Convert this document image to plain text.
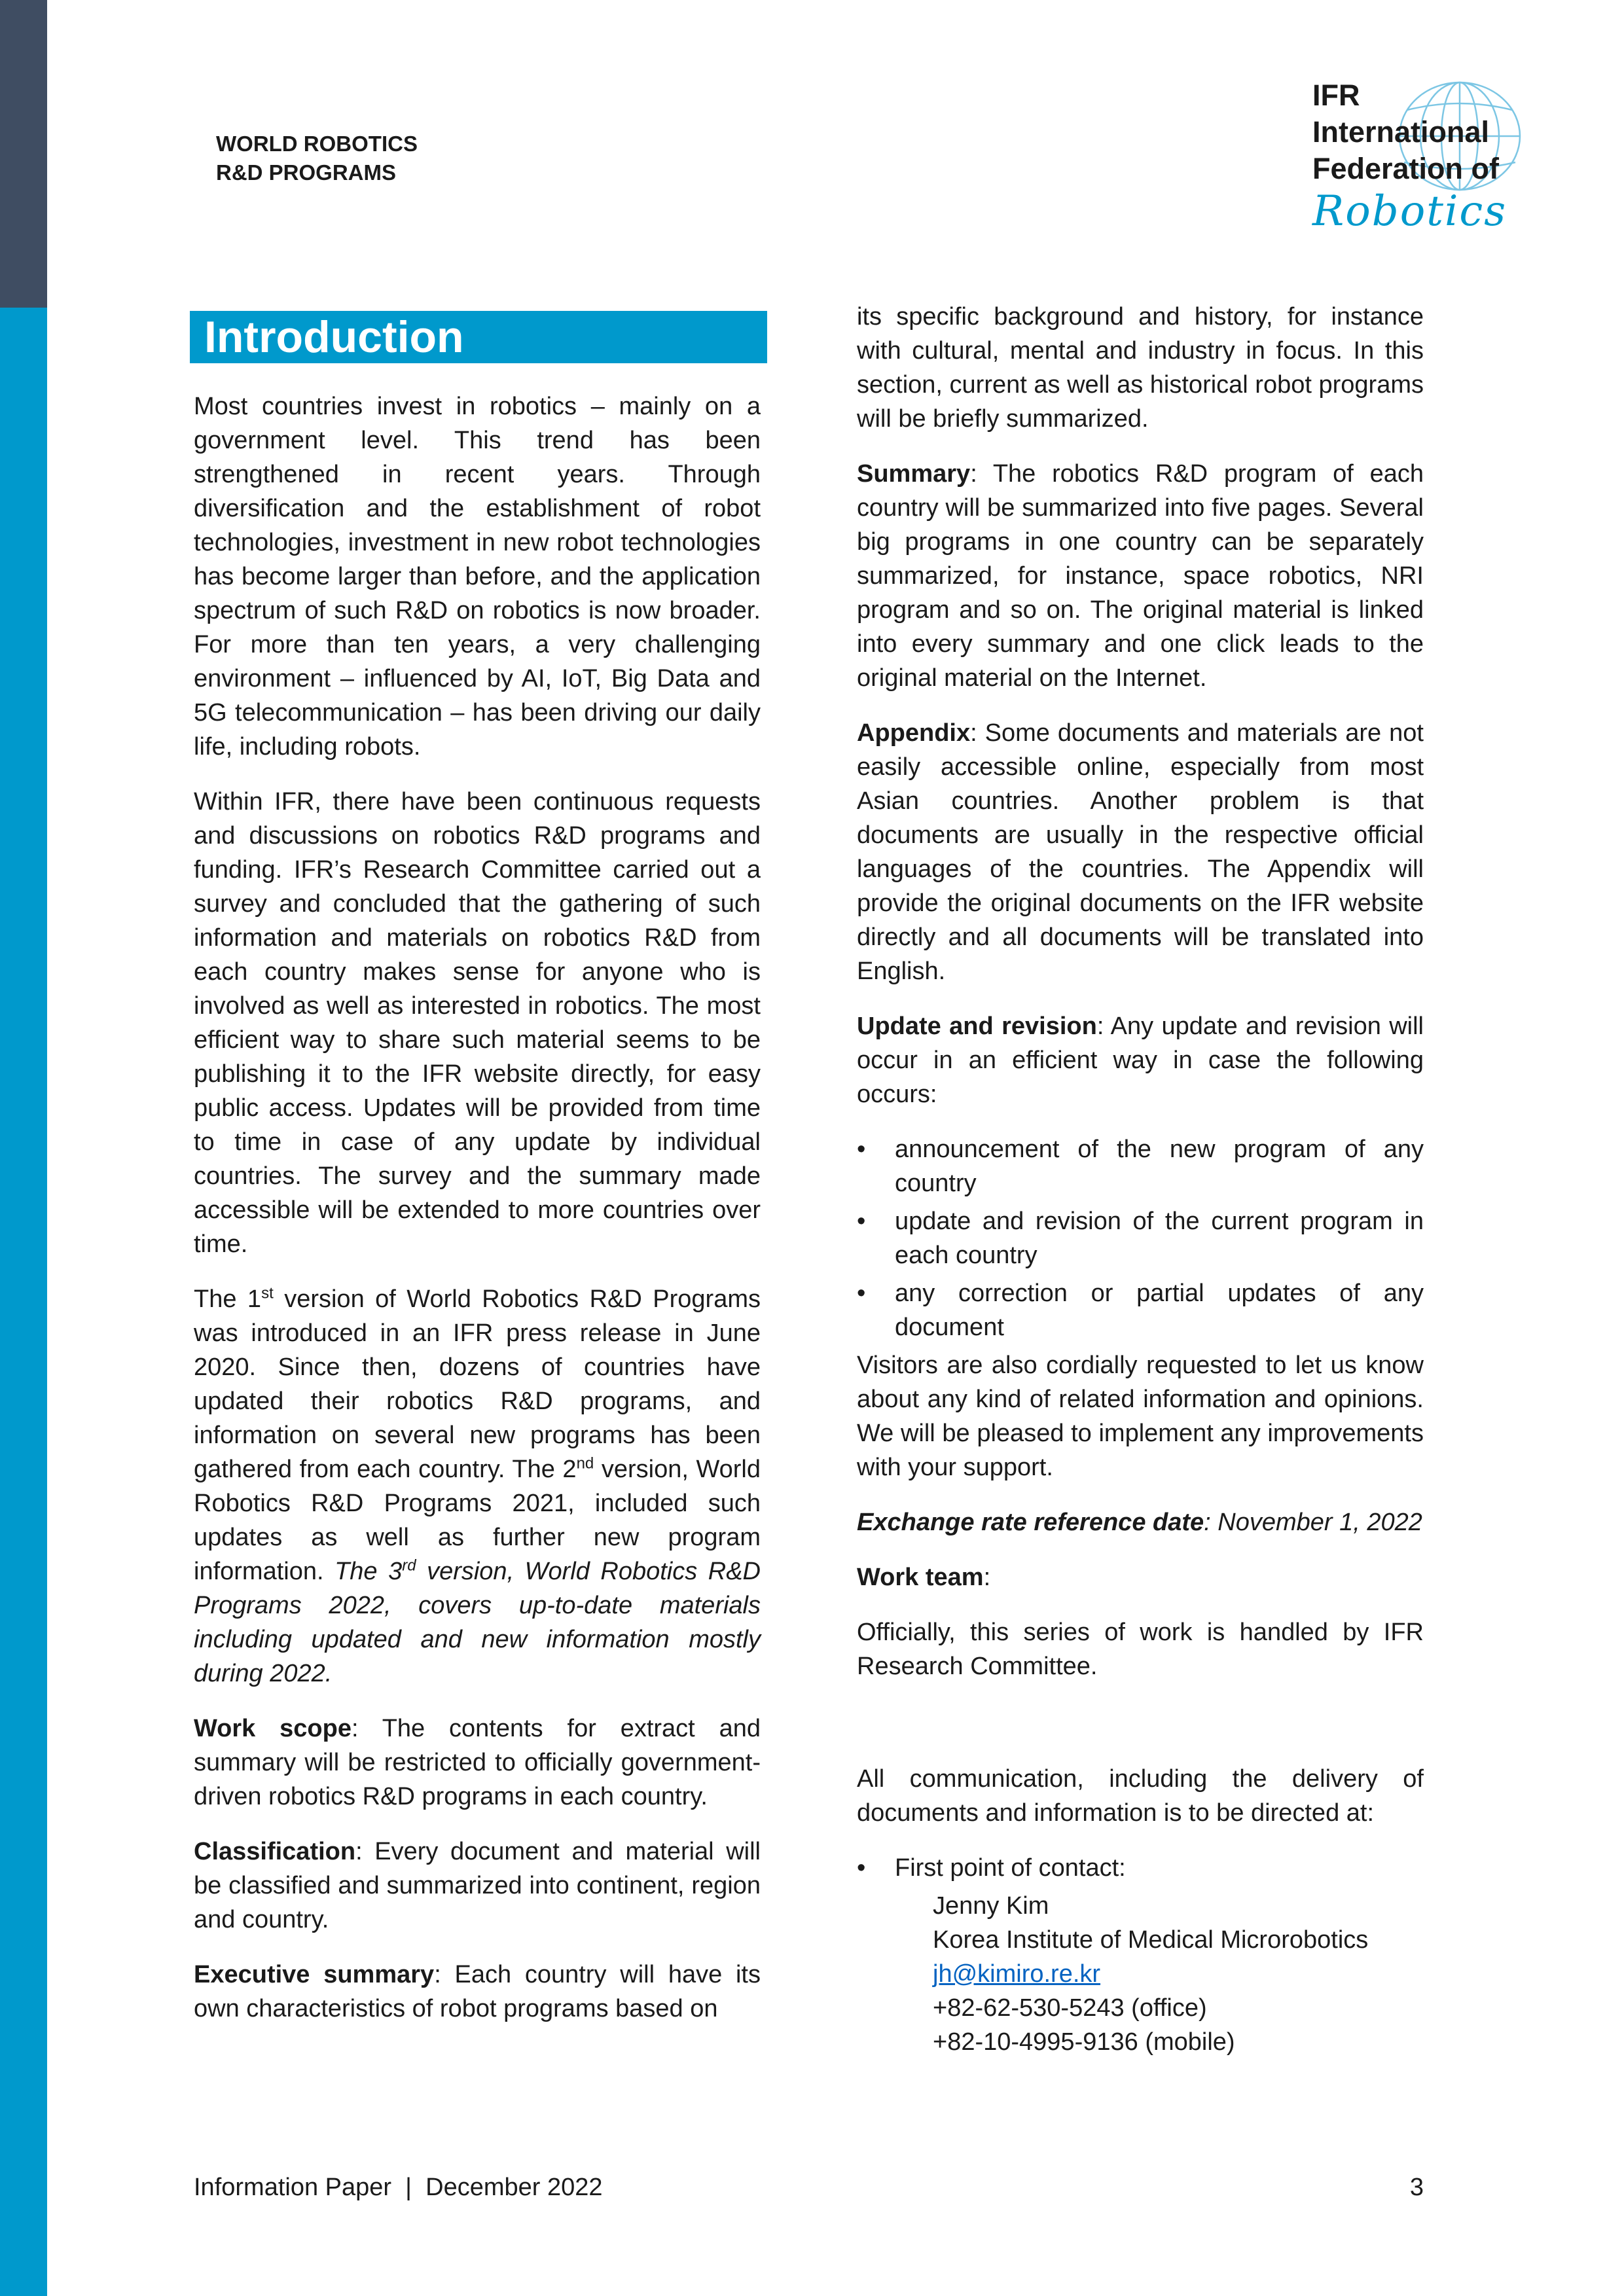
WORLD ROBOTICS
R&D PROGRAMS
IFR
International
Federation of
Robotics
Introduction

Most countries invest in robotics – mainly on a government level. This trend has been strengthened in recent years. Through diversification and the establishment of robot technologies, investment in new robot technologies has become larger than before, and the application spectrum of such R&D on robotics is now broader. For more than ten years, a very challenging environment – influenced by AI, IoT, Big Data and 5G telecommunication – has been driving our daily life, including robots.

Within IFR, there have been continuous requests and discussions on robotics R&D programs and funding. IFR’s Research Committee carried out a survey and concluded that the gathering of such information and materials on robotics R&D from each country makes sense for anyone who is involved as well as interested in robotics. The most efficient way to share such material seems to be publishing it to the IFR website directly, for easy public access. Updates will be provided from time to time in case of any update by individual countries. The survey and the summary made accessible will be extended to more countries over time.

The 1st version of World Robotics R&D Programs was introduced in an IFR press release in June 2020. Since then, dozens of countries have updated their robotics R&D programs, and information on several new programs has been gathered from each country. The 2nd version, World Robotics R&D Programs 2021, included such updates as well as further new program information. The 3rd version, World Robotics R&D Programs 2022, covers up-to-date materials including updated and new information mostly during 2022.

Work scope: The contents for extract and summary will be restricted to officially government-driven robotics R&D programs in each country.

Classification: Every document and material will be classified and summarized into continent, region and country.

Executive summary: Each country will have its own characteristics of robot programs based on

its specific background and history, for instance with cultural, mental and industry in focus. In this section, current as well as historical robot programs will be briefly summarized.

Summary: The robotics R&D program of each country will be summarized into five pages. Several big programs in one country can be separately summarized, for instance, space robotics, NRI program and so on. The original material is linked into every summary and one click leads to the original material on the Internet.

Appendix: Some documents and materials are not easily accessible online, especially from most Asian countries. Another problem is that documents are usually in the respective official languages of the countries. The Appendix will provide the original documents on the IFR website directly and all documents will be translated into English.

Update and revision: Any update and revision will occur in an efficient way in case the following occurs:

• announcement of the new program of any country
• update and revision of the current program in each country
• any correction or partial updates of any document

Visitors are also cordially requested to let us know about any kind of related information and opinions. We will be pleased to implement any improvements with your support.

Exchange rate reference date: November 1, 2022

Work team:

Officially, this series of work is handled by IFR Research Committee.

All communication, including the delivery of documents and information is to be directed at:

• First point of contact:
Jenny Kim
Korea Institute of Medical Microrobotics
jh@kimiro.re.kr
+82-62-530-5243 (office)
+82-10-4995-9136 (mobile)
Information Paper  |  December 2022	3
